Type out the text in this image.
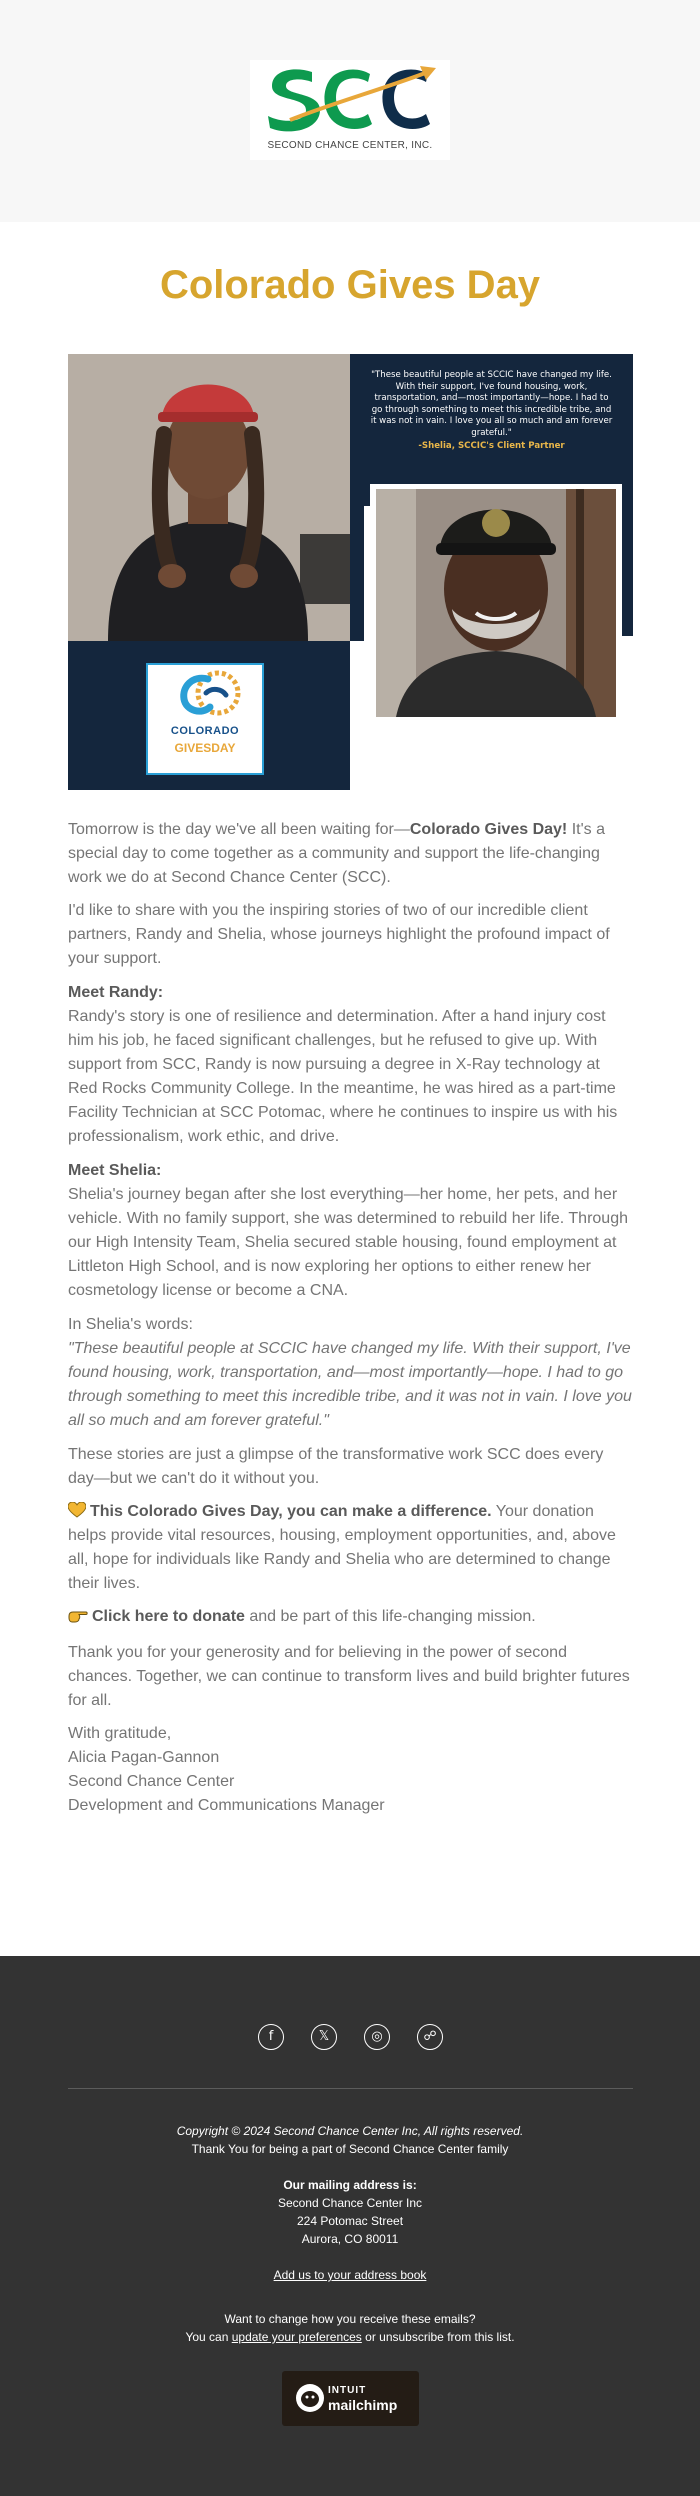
SECOND CHANCE CENTER, INC.
Colorado Gives Day
COLORADO
GIVESDAY
"These beautiful people at SCCIC have changed my life. With their support, I've found housing, work, transportation, and—most importantly—hope. I had to go through something to meet this incredible tribe, and it was not in vain. I love you all so much and am forever grateful."
-Shelia, SCCIC's Client Partner
Tomorrow is the day we've all been waiting for—Colorado Gives Day! It's a special day to come together as a community and support the life-changing work we do at Second Chance Center (SCC).
I'd like to share with you the inspiring stories of two of our incredible client partners, Randy and Shelia, whose journeys highlight the profound impact of your support.
Meet Randy:
Randy's story is one of resilience and determination. After a hand injury cost him his job, he faced significant challenges, but he refused to give up. With support from SCC, Randy is now pursuing a degree in X-Ray technology at Red Rocks Community College. In the meantime, he was hired as a part-time Facility Technician at SCC Potomac, where he continues to inspire us with his professionalism, work ethic, and drive.
Meet Shelia:
Shelia's journey began after she lost everything—her home, her pets, and her vehicle. With no family support, she was determined to rebuild her life. Through our High Intensity Team, Shelia secured stable housing, found employment at Littleton High School, and is now exploring her options to either renew her cosmetology license or become a CNA.
In Shelia's words:
"These beautiful people at SCCIC have changed my life. With their support, I've found housing, work, transportation, and—most importantly—hope. I had to go through something to meet this incredible tribe, and it was not in vain. I love you all so much and am forever grateful."
These stories are just a glimpse of the transformative work SCC does every day—but we can't do it without you.
This Colorado Gives Day, you can make a difference. Your donation helps provide vital resources, housing, employment opportunities, and, above all, hope for individuals like Randy and Shelia who are determined to change their lives.
Click here to donate and be part of this life-changing mission.
Thank you for your generosity and for believing in the power of second chances. Together, we can continue to transform lives and build brighter futures for all.
With gratitude,
Alicia Pagan-Gannon
Second Chance Center
Development and Communications Manager
f	𝕏	◎	☍
Copyright © 2024 Second Chance Center Inc, All rights reserved.
Thank You for being a part of Second Chance Center family
Our mailing address is:
Second Chance Center Inc
224 Potomac Street
Aurora, CO 80011
Add us to your address book
Want to change how you receive these emails?
You can update your preferences or unsubscribe from this list.
INTUIT
mailchimp
